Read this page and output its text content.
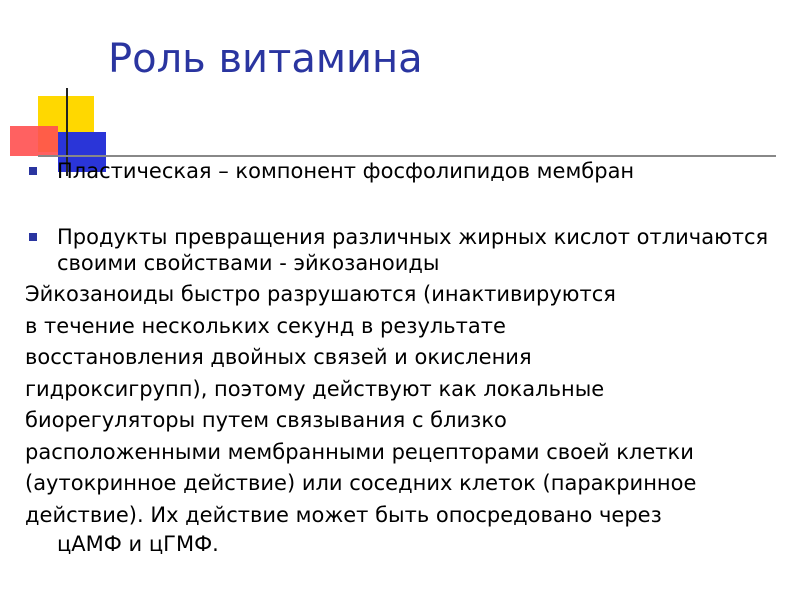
Роль витамина
Пластическая – компонент фосфолипидов мембран
Продукты превращения различных жирных кислот отличаются своими свойствами - эйкозаноиды
Эйкозаноиды быстро разрушаются (инактивируются
в течение нескольких секунд в результате
восстановления двойных связей и окисления
гидроксигрупп), поэтому действуют как локальные
биорегуляторы путем связывания с близко
расположенными мембранными рецепторами своей клетки
(аутокринное действие) или соседних клеток (паракринное
действие). Их действие может быть опосредовано через
цАМФ и цГМФ.
